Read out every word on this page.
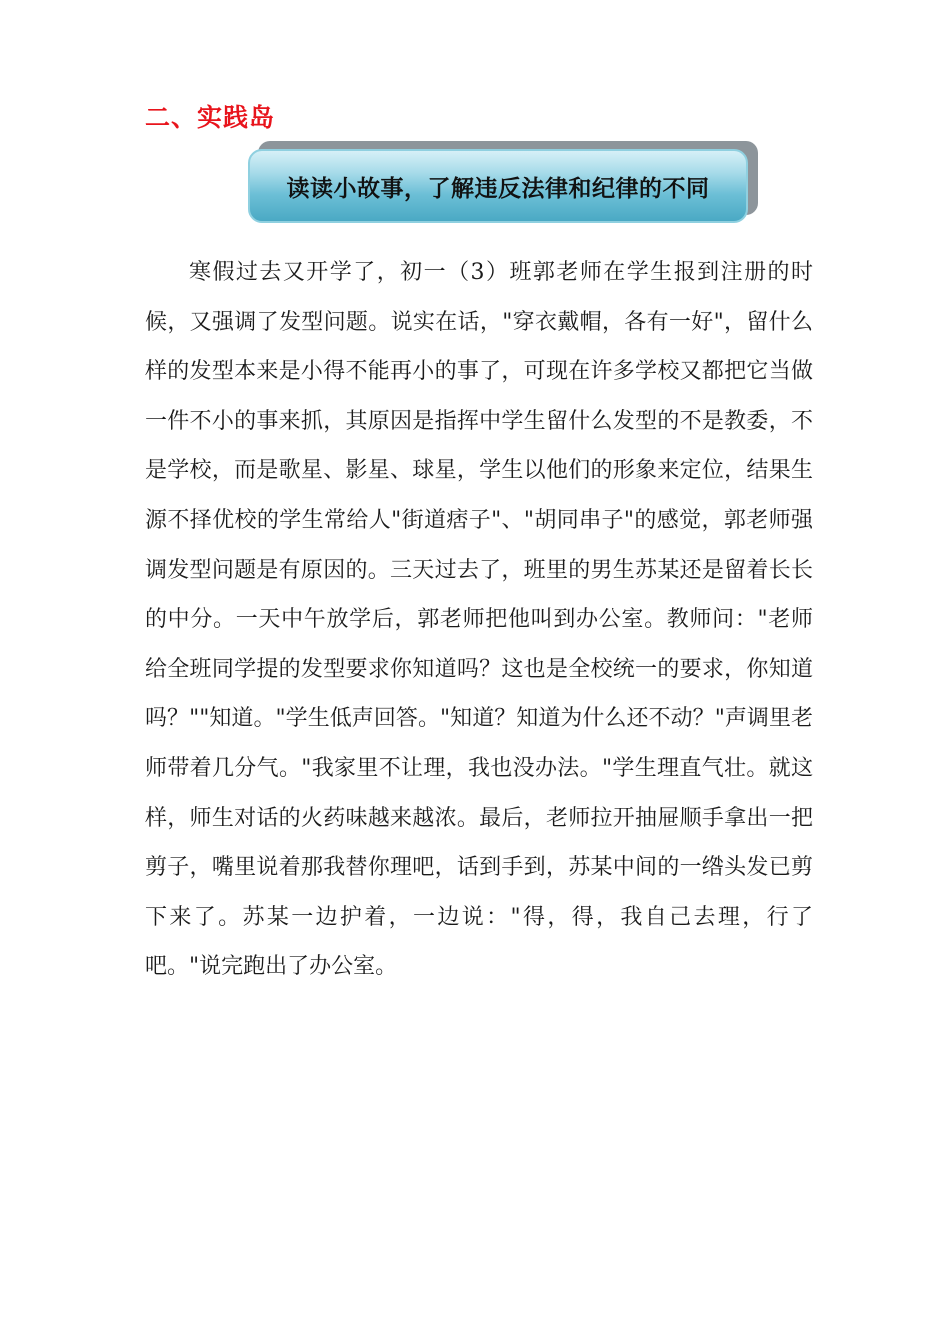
二、实践岛
读读小故事，了解违反法律和纪律的不同

寒假过去又开学了，初一（3）班郭老师在学生报到注册的时候，又强调了发型问题。说实在话，"穿衣戴帽，各有一好"，留什么样的发型本来是小得不能再小的事了，可现在许多学校又都把它当做一件不小的事来抓，其原因是指挥中学生留什么发型的不是教委，不是学校，而是歌星、影星、球星，学生以他们的形象来定位，结果生源不择优校的学生常给人"街道痞子"、"胡同串子"的感觉，郭老师强调发型问题是有原因的。三天过去了，班里的男生苏某还是留着长长的中分。一天中午放学后，郭老师把他叫到办公室。教师问："老师给全班同学提的发型要求你知道吗？这也是全校统一的要求，你知道吗？""知道。"学生低声回答。"知道？知道为什么还不动？"声调里老师带着几分气。"我家里不让理，我也没办法。"学生理直气壮。就这样，师生对话的火药味越来越浓。最后，老师拉开抽屉顺手拿出一把剪子，嘴里说着那我替你理吧，话到手到，苏某中间的一绺头发已剪下来了。苏某一边护着，一边说："得，得，我自己去理，行了吧。"说完跑出了办公室。
